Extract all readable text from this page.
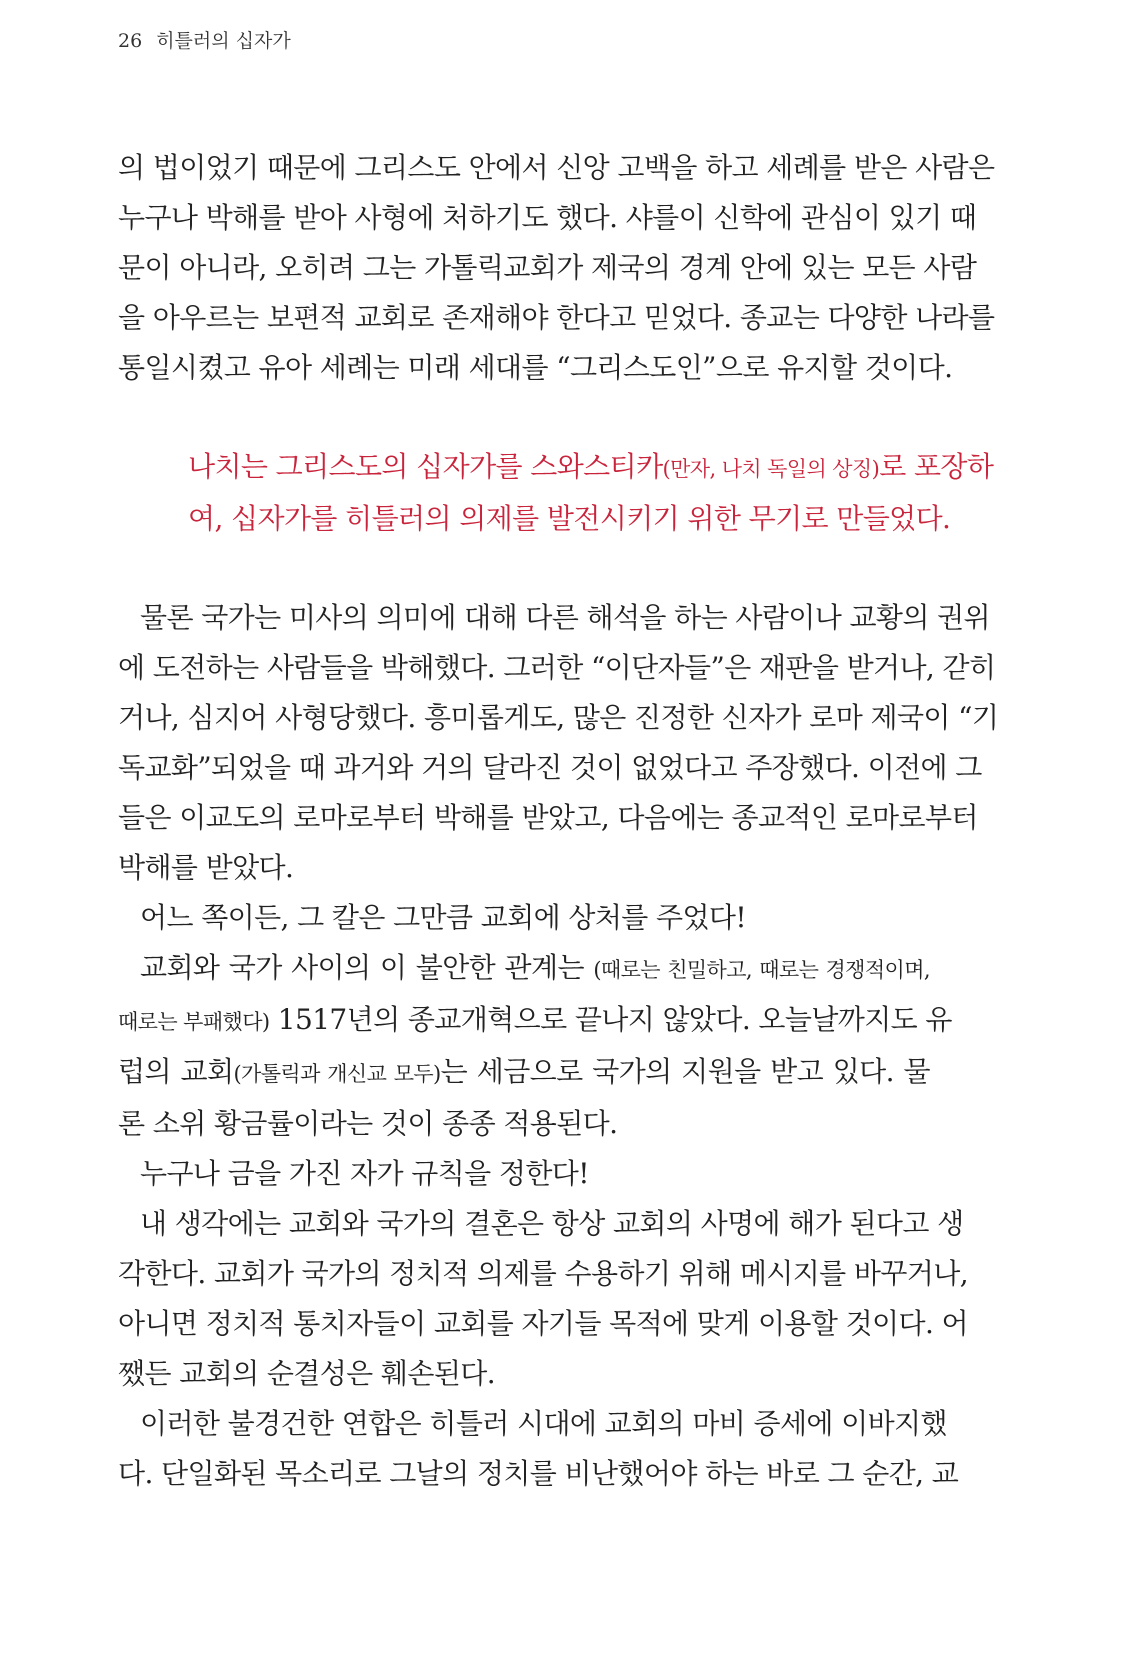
26 히틀러의 십자가

의 법이었기 때문에 그리스도 안에서 신앙 고백을 하고 세례를 받은 사람은

누구나 박해를 받아 사형에 처하기도 했다. 샤를이 신학에 관심이 있기 때

문이 아니라, 오히려 그는 가톨릭교회가 제국의 경계 안에 있는 모든 사람

을 아우르는 보편적 교회로 존재해야 한다고 믿었다. 종교는 다양한 나라를

통일시켰고 유아 세례는 미래 세대를 “그리스도인”으로 유지할 것이다.

나치는 그리스도의 십자가를 스와스티카(만자, 나치 독일의 상징)로 포장하

여, 십자가를 히틀러의 의제를 발전시키기 위한 무기로 만들었다.

물론 국가는 미사의 의미에 대해 다른 해석을 하는 사람이나 교황의 권위

에 도전하는 사람들을 박해했다. 그러한 “이단자들”은 재판을 받거나, 갇히

거나, 심지어 사형당했다. 흥미롭게도, 많은 진정한 신자가 로마 제국이 “기

독교화”되었을 때 과거와 거의 달라진 것이 없었다고 주장했다. 이전에 그

들은 이교도의 로마로부터 박해를 받았고, 다음에는 종교적인 로마로부터

박해를 받았다.

어느 쪽이든, 그 칼은 그만큼 교회에 상처를 주었다!

교회와 국가 사이의 이 불안한 관계는 (때로는 친밀하고, 때로는 경쟁적이며,

때로는 부패했다) 1517년의 종교개혁으로 끝나지 않았다. 오늘날까지도 유

럽의 교회(가톨릭과 개신교 모두)는 세금으로 국가의 지원을 받고 있다. 물

론 소위 황금률이라는 것이 종종 적용된다.

누구나 금을 가진 자가 규칙을 정한다!

내 생각에는 교회와 국가의 결혼은 항상 교회의 사명에 해가 된다고 생

각한다. 교회가 국가의 정치적 의제를 수용하기 위해 메시지를 바꾸거나,

아니면 정치적 통치자들이 교회를 자기들 목적에 맞게 이용할 것이다. 어

쨌든 교회의 순결성은 훼손된다.

이러한 불경건한 연합은 히틀러 시대에 교회의 마비 증세에 이바지했

다. 단일화된 목소리로 그날의 정치를 비난했어야 하는 바로 그 순간, 교
